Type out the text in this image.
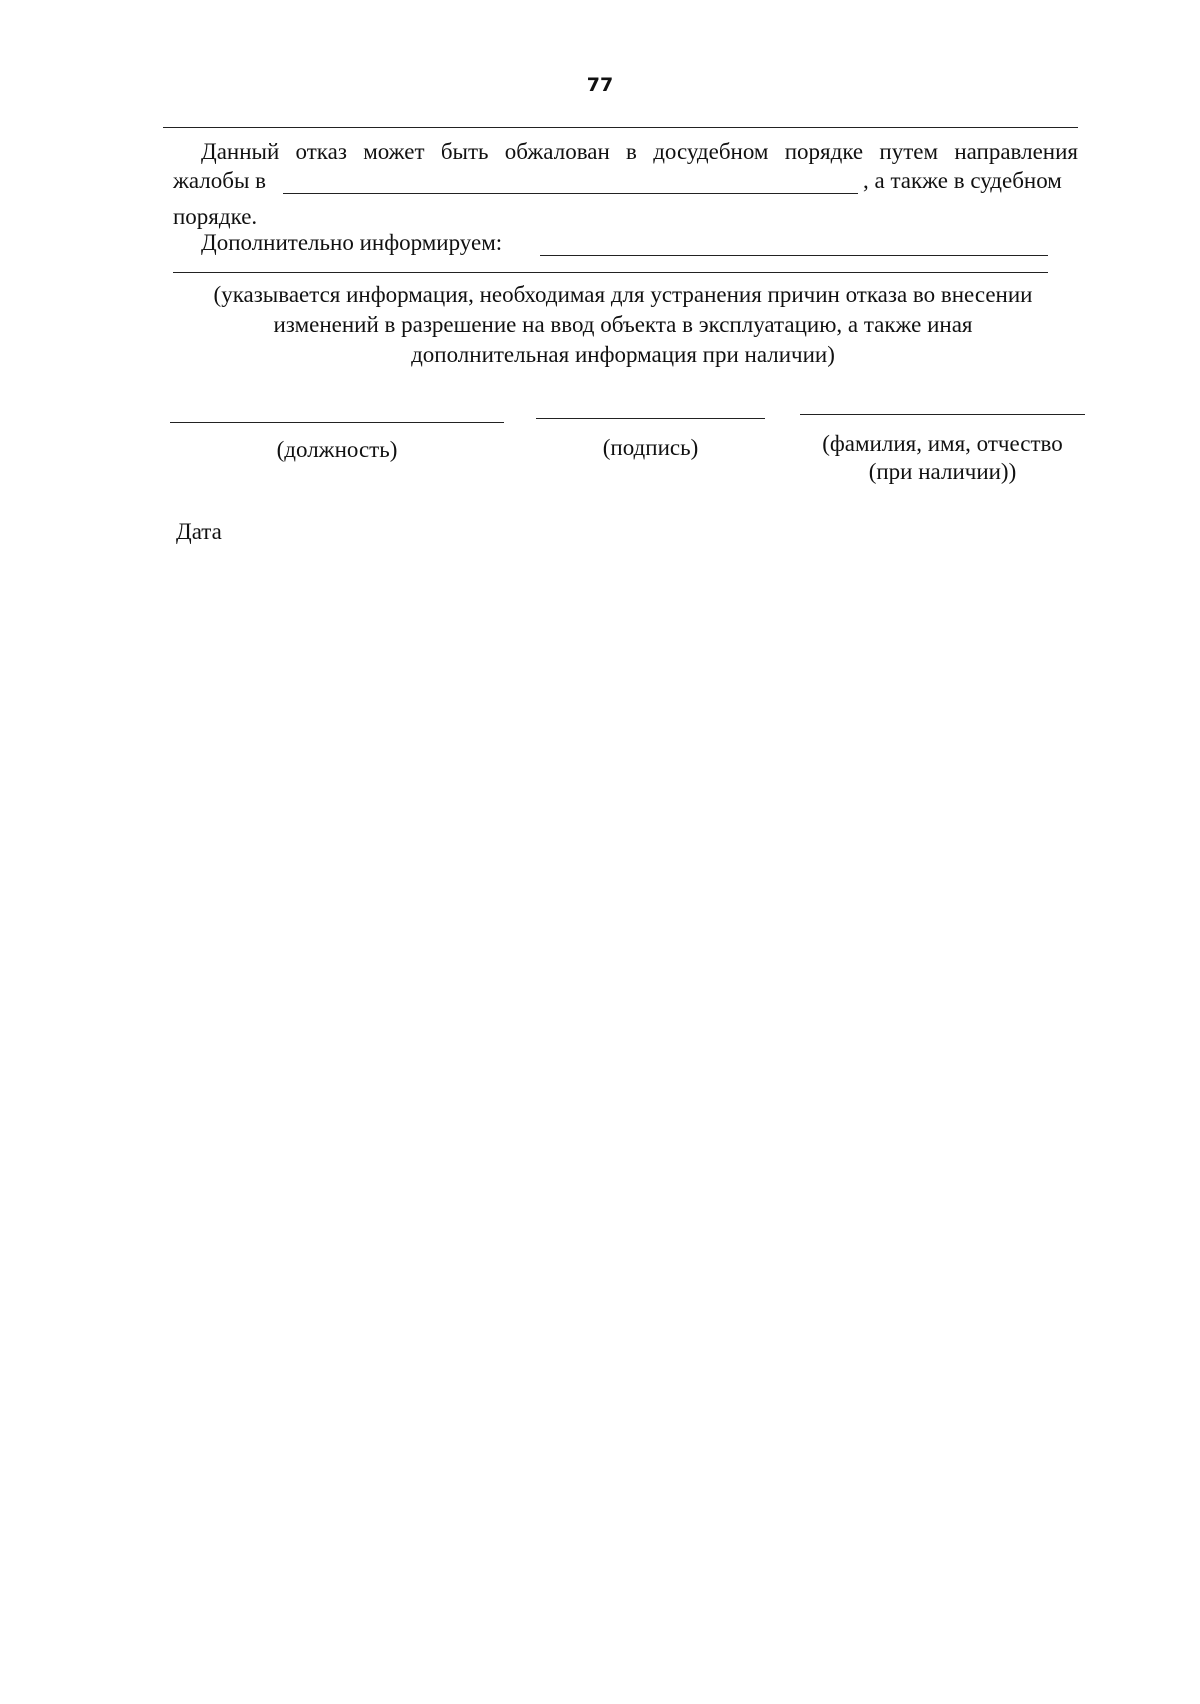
77
Данный отказ может быть обжалован в досудебном порядке путем направления
жалобы в	, а также в судебном
порядке.
Дополнительно информируем:
(указывается информация, необходимая для устранения причин отказа во внесении
изменений в разрешение на ввод объекта в эксплуатацию, а также иная
дополнительная информация при наличии)
(должность)	(подпись)	(фамилия, имя, отчество
(при наличии))
Дата
